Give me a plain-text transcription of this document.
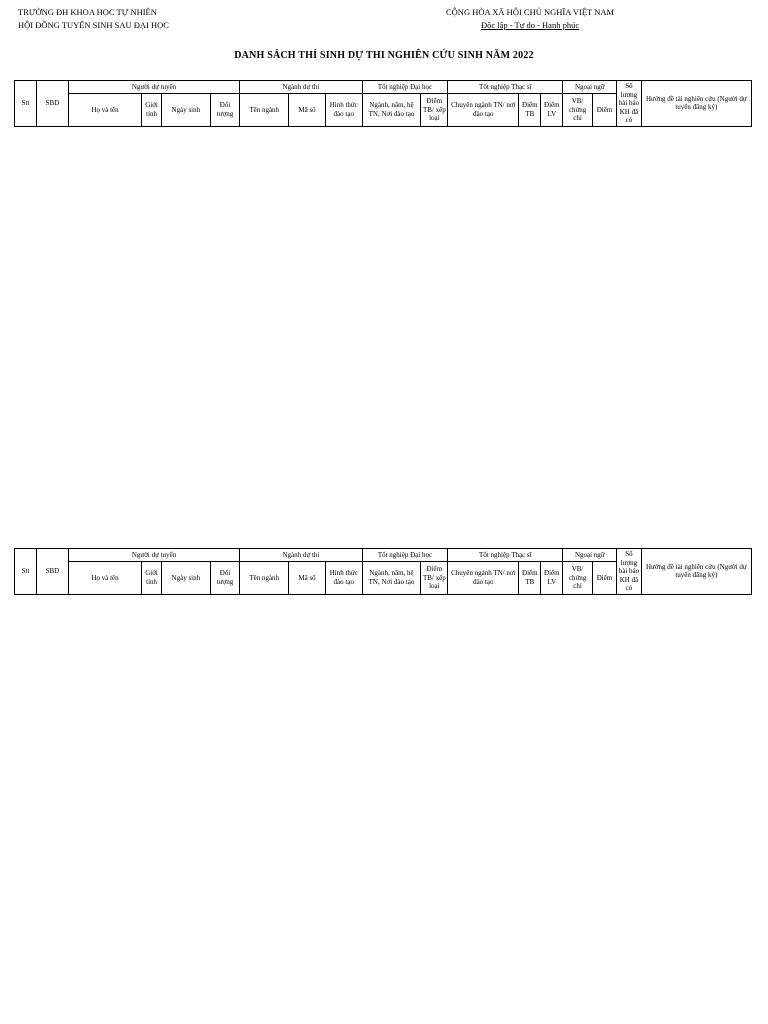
TRƯỜNG ĐH KHOA HỌC TỰ NHIÊN
HỘI ĐỒNG TUYỂN SINH SAU ĐẠI HỌC
CỘNG HÒA XÃ HỘI CHỦ NGHĨA VIỆT NAM
Độc lập - Tự do - Hạnh phúc
DANH SÁCH THÍ SINH DỰ THI NGHIÊN CỨU SINH NĂM 2022
Stt	SBD	Người dự tuyển				Ngành dự thi			Tốt nghiệp Đại học		Tốt nghiệp Thạc sĩ			Ngoại ngữ		Số lượng bài báo KH đã có	Hướng đề tài nghiên cứu (Người dự tuyển đăng ký)
		Họ và tên	Giới tính	Ngày sinh	Đối tượng	Tên ngành	Mã số	Hình thức đào tạo	Ngành, năm, hệ TN, Nơi đào tạo	Điểm TB/ xếp loại	Chuyên ngành TN/ nơi đào tạo	Điểm TB	Điểm LV	VB/ chứng chỉ	Điểm		
Stt	SBD	Người dự tuyển				Ngành dự thi			Tốt nghiệp Đại học		Tốt nghiệp Thạc sĩ			Ngoại ngữ		Số lượng bài báo KH đã có	Hướng đề tài nghiên cứu (Người dự tuyển đăng ký)
		Họ và tên	Giới tính	Ngày sinh	Đối tượng	Tên ngành	Mã số	Hình thức đào tạo	Ngành, năm, hệ TN, Nơi đào tạo	Điểm TB/ xếp loại	Chuyên ngành TN/ nơi đào tạo	Điểm TB	Điểm LV	VB/ chứng chỉ	Điểm		
